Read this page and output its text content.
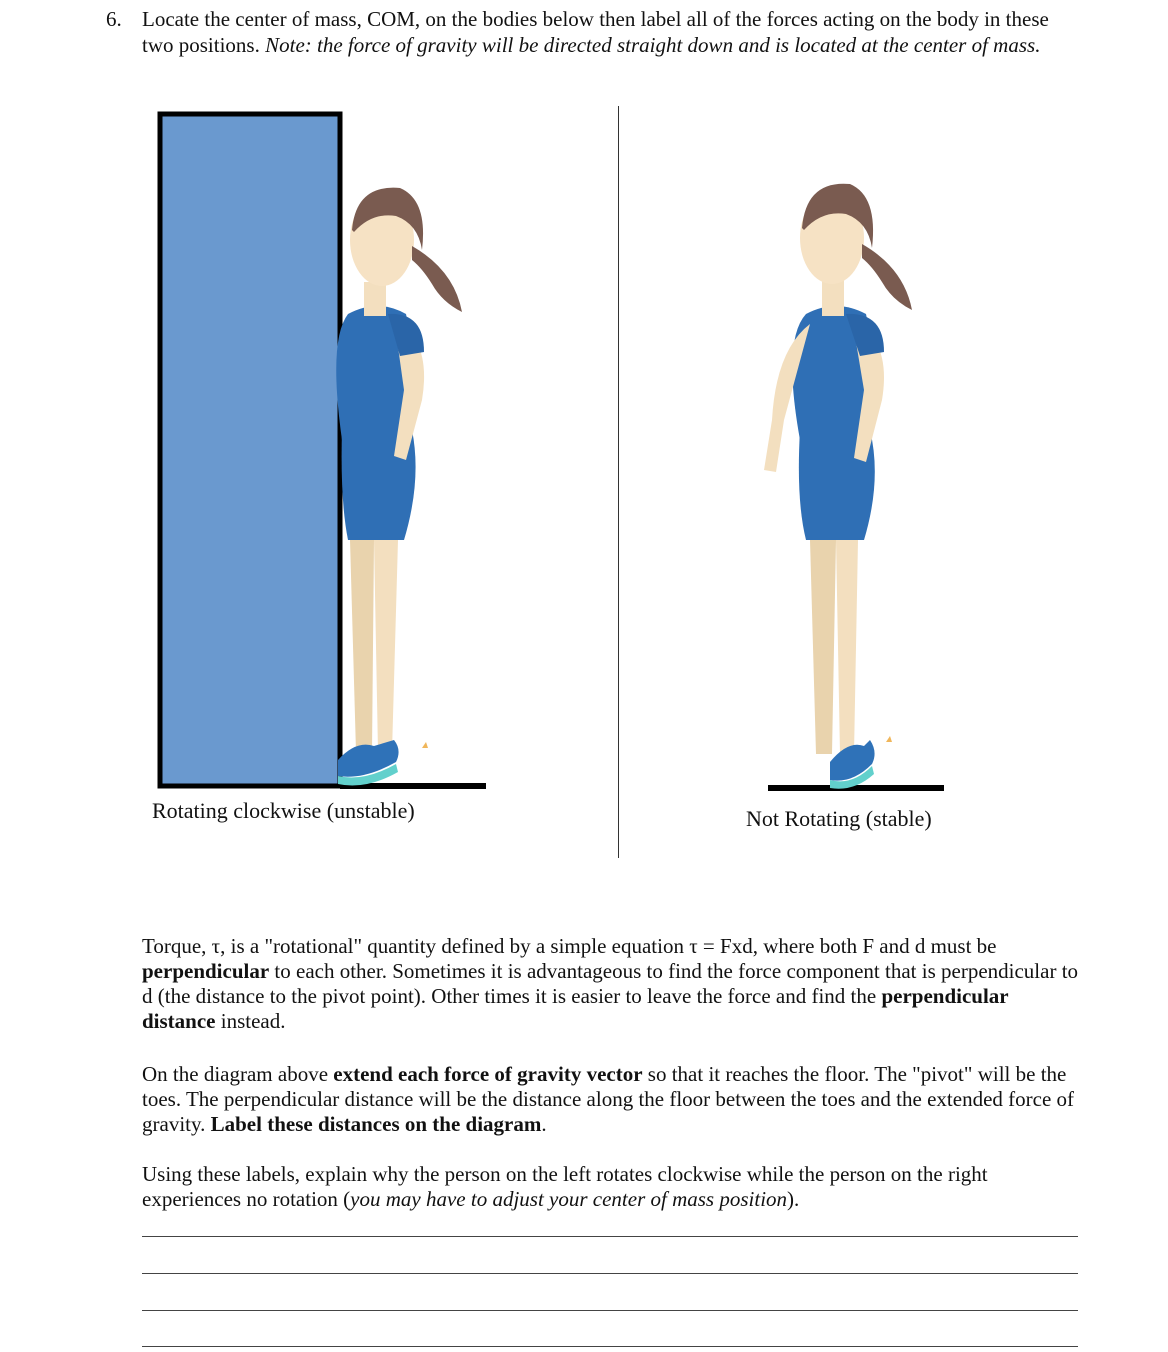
6. Locate the center of mass, COM, on the bodies below then label all of the forces acting on the body in these two positions. Note: the force of gravity will be directed straight down and is located at the center of mass.
Rotating clockwise (unstable)	Not Rotating (stable)
Torque, τ, is a "rotational" quantity defined by a simple equation τ = Fxd, where both F and d must be perpendicular to each other. Sometimes it is advantageous to find the force component that is perpendicular to d (the distance to the pivot point). Other times it is easier to leave the force and find the perpendicular distance instead.
On the diagram above extend each force of gravity vector so that it reaches the floor. The "pivot" will be the toes. The perpendicular distance will be the distance along the floor between the toes and the extended force of gravity. Label these distances on the diagram.
Using these labels, explain why the person on the left rotates clockwise while the person on the right experiences no rotation (you may have to adjust your center of mass position).
